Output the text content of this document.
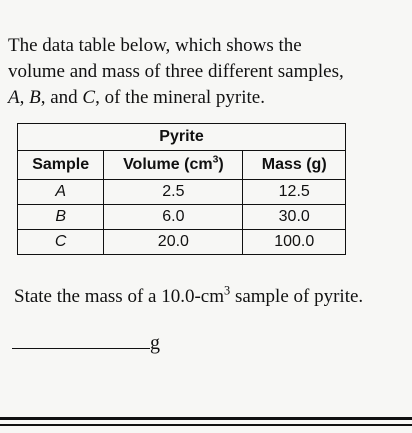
The data table below, which shows the
volume and mass of three different samples,
A, B, and C, of the mineral pyrite.
Pyrite		
Sample	Volume $(cm^3)$	Mass (g)
A	2.5	12.5
B	6.0	30.0
C	20.0	100.0
State the mass of a $10.0-cm^3$ sample of pyrite.
g
